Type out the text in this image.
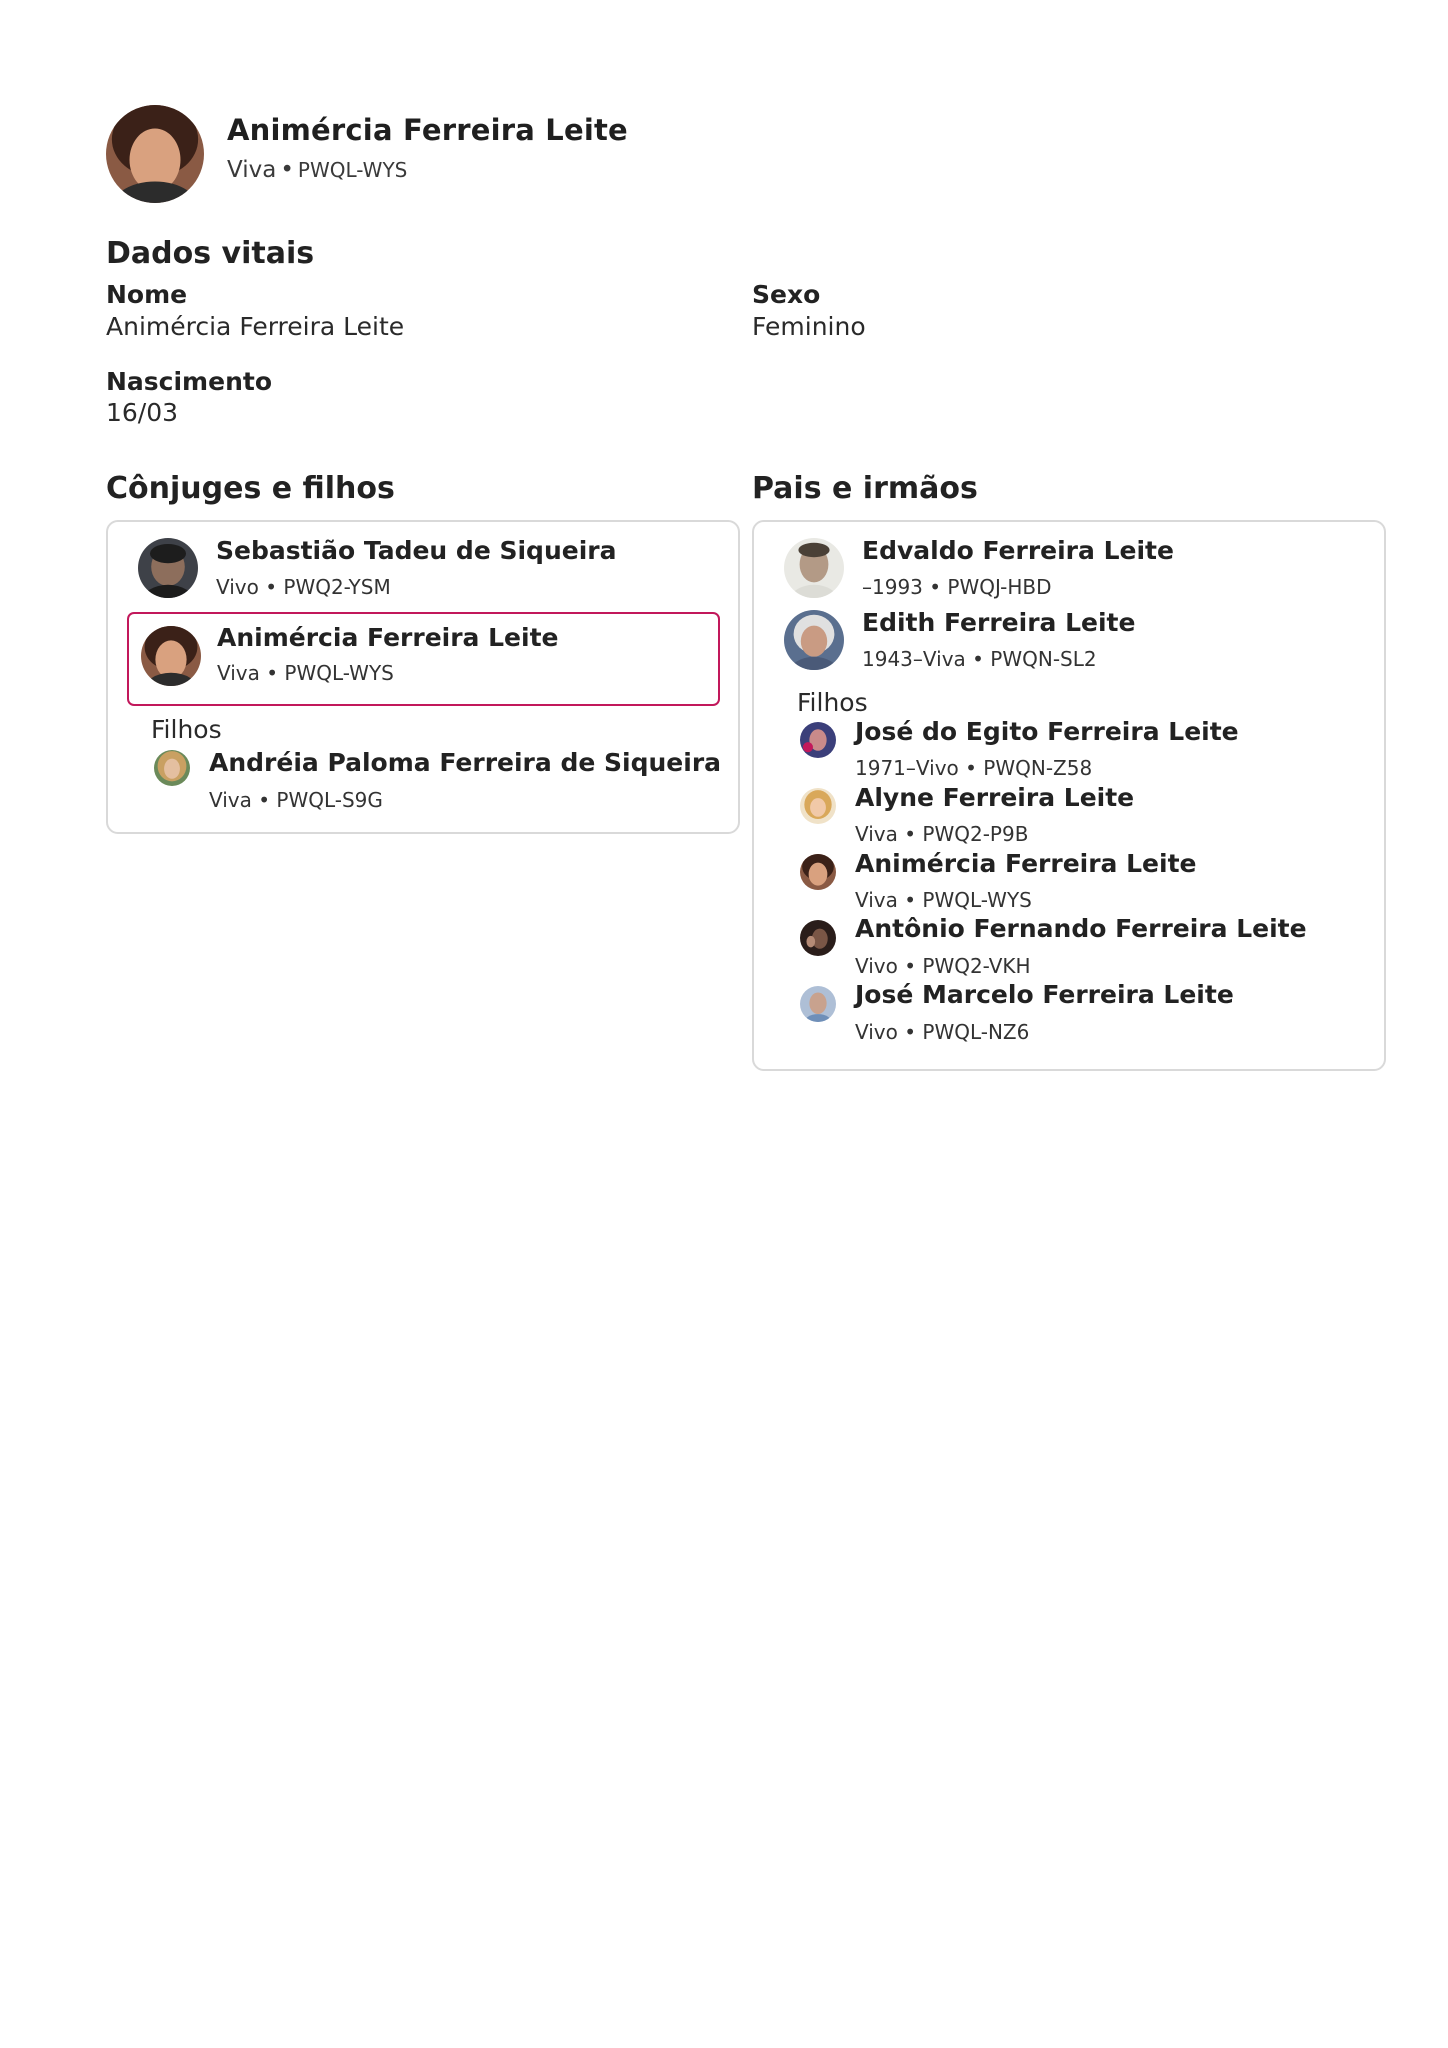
Animércia Ferreira Leite
Viva • PWQL-WYS
Dados vitais
Nome
Animércia Ferreira Leite
Sexo
Feminino
Nascimento
16/03
Cônjuges e filhos
Sebastião Tadeu de Siqueira
Vivo • PWQ2-YSM
Animércia Ferreira Leite
Viva • PWQL-WYS
Filhos
Andréia Paloma Ferreira de Siqueira
Viva • PWQL-S9G
Pais e irmãos
Edvaldo Ferreira Leite
–1993 • PWQJ-HBD
Edith Ferreira Leite
1943–Viva • PWQN-SL2
Filhos
José do Egito Ferreira Leite
1971–Vivo • PWQN-Z58
Alyne Ferreira Leite
Viva • PWQ2-P9B
Animércia Ferreira Leite
Viva • PWQL-WYS
Antônio Fernando Ferreira Leite
Vivo • PWQ2-VKH
José Marcelo Ferreira Leite
Vivo • PWQL-NZ6
